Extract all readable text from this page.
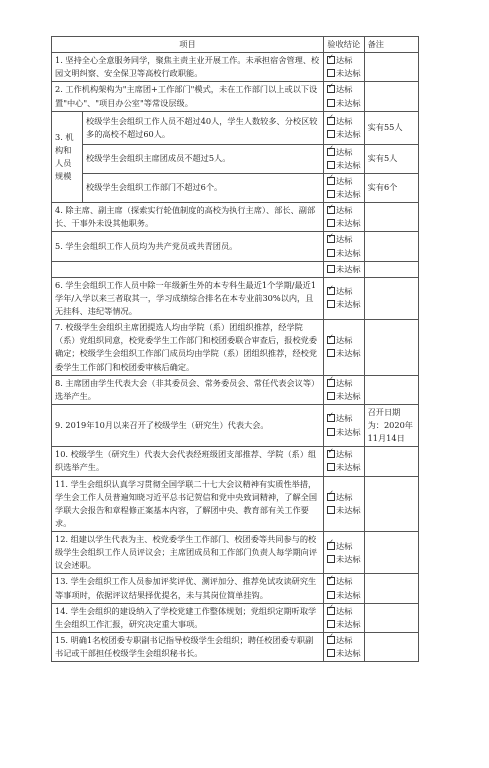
项目		验收结论	备注
1. 坚持全心全意服务同学，聚焦主责主业开展工作。未承担宿舍管理、校园文明纠察、安全保卫等高校行政职能。	
✓达标
未达标

2. 工作机构架构为"主席团+工作部门"模式，未在工作部门以上或以下设置"中心"、"项目办公室"等常设层级。	
✓达标
未达标

3. 机构和人员规模	校级学生会组织工作人员不超过40人，学生人数较多、分校区较多的高校不超过60人。	
✓达标
未达标	实有55人
	校级学生会组织主席团成员不超过5人。	
✓达标
未达标	实有5人
	校级学生会组织工作部门不超过6个。	
✓达标
未达标	实有6个
4. 除主席、副主席（探索实行轮值制度的高校为执行主席）、部长、副部长、干事外未设其他职务。	
✓达标
未达标

5. 学生会组织工作人员均为共产党员或共青团员。	
✓达标
未达标

		未达标	
6. 学生会组织工作人员中除一年级新生外的本专科生最近1个学期/最近1学年/入学以来三者取其一，学习成绩综合排名在本专业前30%以内，且无挂科、违纪等情况。	
✓达标
未达标

7. 校级学生会组织主席团提选人均由学院（系）团组织推荐，经学院（系）党组织同意，校党委学生工作部门和校团委联合审查后，报校党委确定；校级学生会组织工作部门成员均由学院（系）团组织推荐，经校党委学生工作部门和校团委审核后确定。	
✓达标
未达标

8. 主席团由学生代表大会（非其委员会、常务委员会、常任代表会议等）选举产生。	
✓达标
未达标

9. 2019年10月以来召开了校级学生（研究生）代表大会。	
✓达标
未达标	召开日期为：2020年11月14日
10. 校级学生（研究生）代表大会代表经班级团支部推荐、学院（系）组织选举产生。	
✓达标
未达标

11. 学生会组织认真学习贯彻全国学联二十七大会议精神有实质性举措，学生会工作人员普遍知晓习近平总书记贺信和党中央致词精神，了解全国学联大会报告和章程修正案基本内容，了解团中央、教育部有关工作要求。	
✓达标
未达标

12. 组建以学生代表为主、校党委学生工作部门、校团委等共同参与的校级学生会组织工作人员评议会；主席团成员和工作部门负责人每学期向评议会述职。	
✓达标
未达标

13. 学生会组织工作人员参加评奖评优、测评加分、推荐免试攻读研究生等事项时，依据评议结果择优提名，未与其岗位简单挂钩。	
✓达标
未达标

14. 学生会组织的建设纳入了学校党建工作整体规划；党组织定期听取学生会组织工作汇报，研究决定重大事项。	
✓达标
未达标

15. 明确1名校团委专职副书记指导校级学生会组织；聘任校团委专职副书记或干部担任校级学生会组织秘书长。	
✓达标
未达标
